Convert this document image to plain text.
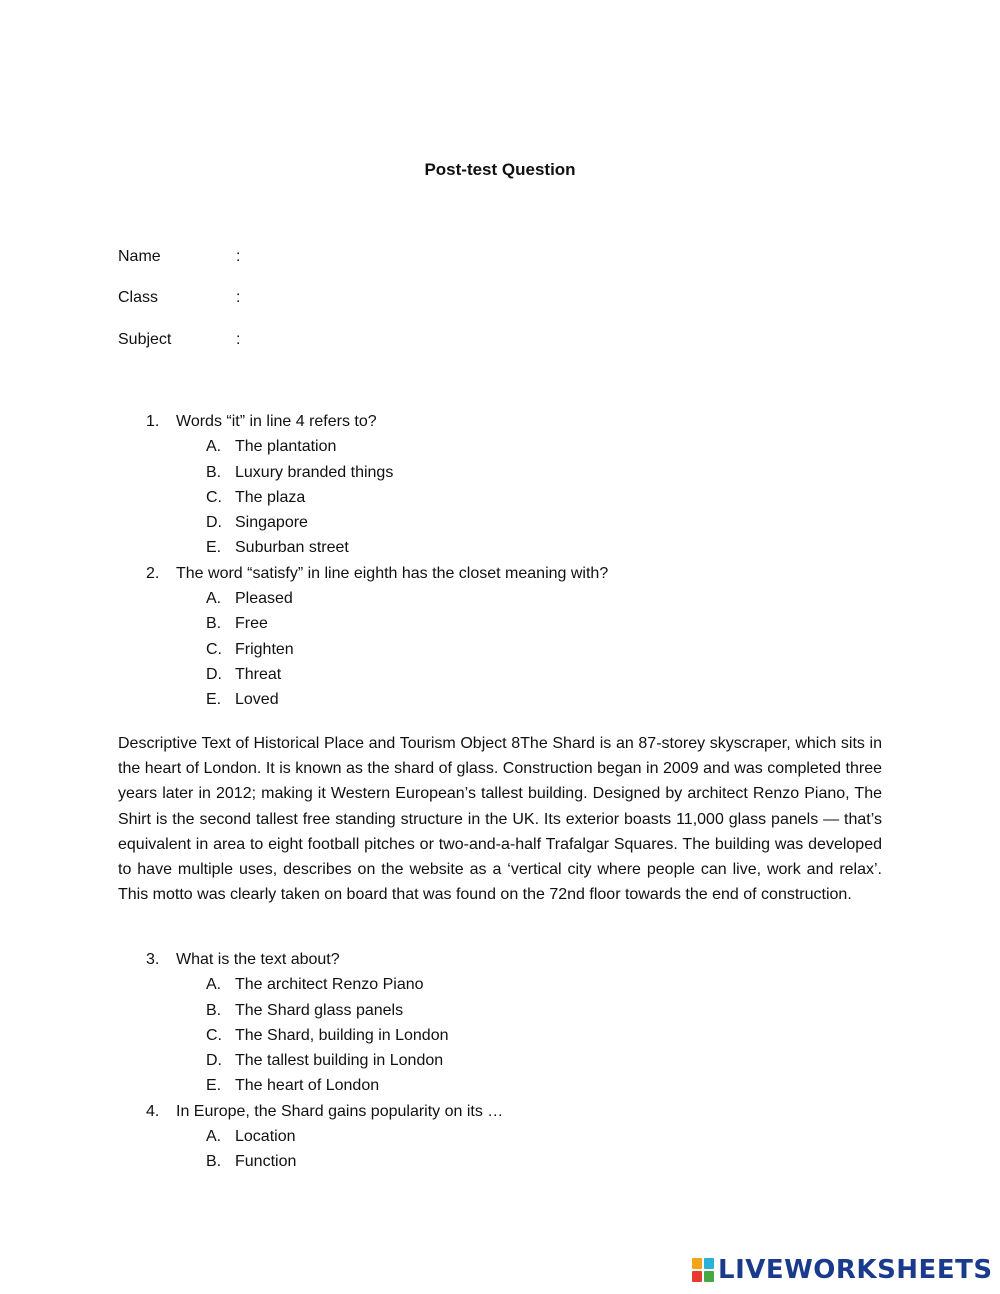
Post-test Question
Name	:
Class	:
Subject	:
1. Words “it” in line 4 refers to?
A. The plantation
B. Luxury branded things
C. The plaza
D. Singapore
E. Suburban street
2. The word “satisfy” in line eighth has the closet meaning with?
A. Pleased
B. Free
C. Frighten
D. Threat
E. Loved
Descriptive Text of Historical Place and Tourism Object 8The Shard is an 87-storey skyscraper, which sits in the heart of London. It is known as the shard of glass. Construction began in 2009 and was completed three years later in 2012; making it Western European’s tallest building. Designed by architect Renzo Piano, The Shirt is the second tallest free standing structure in the UK. Its exterior boasts 11,000 glass panels — that’s equivalent in area to eight football pitches or two-and-a-half Trafalgar Squares. The building was developed to have multiple uses, describes on the website as a ‘vertical city where people can live, work and relax’. This motto was clearly taken on board that was found on the 72nd floor towards the end of construction.
3. What is the text about?
A. The architect Renzo Piano
B. The Shard glass panels
C. The Shard, building in London
D. The tallest building in London
E. The heart of London
4. In Europe, the Shard gains popularity on its …
A. Location
B. Function
LIVEWORKSHEETS
